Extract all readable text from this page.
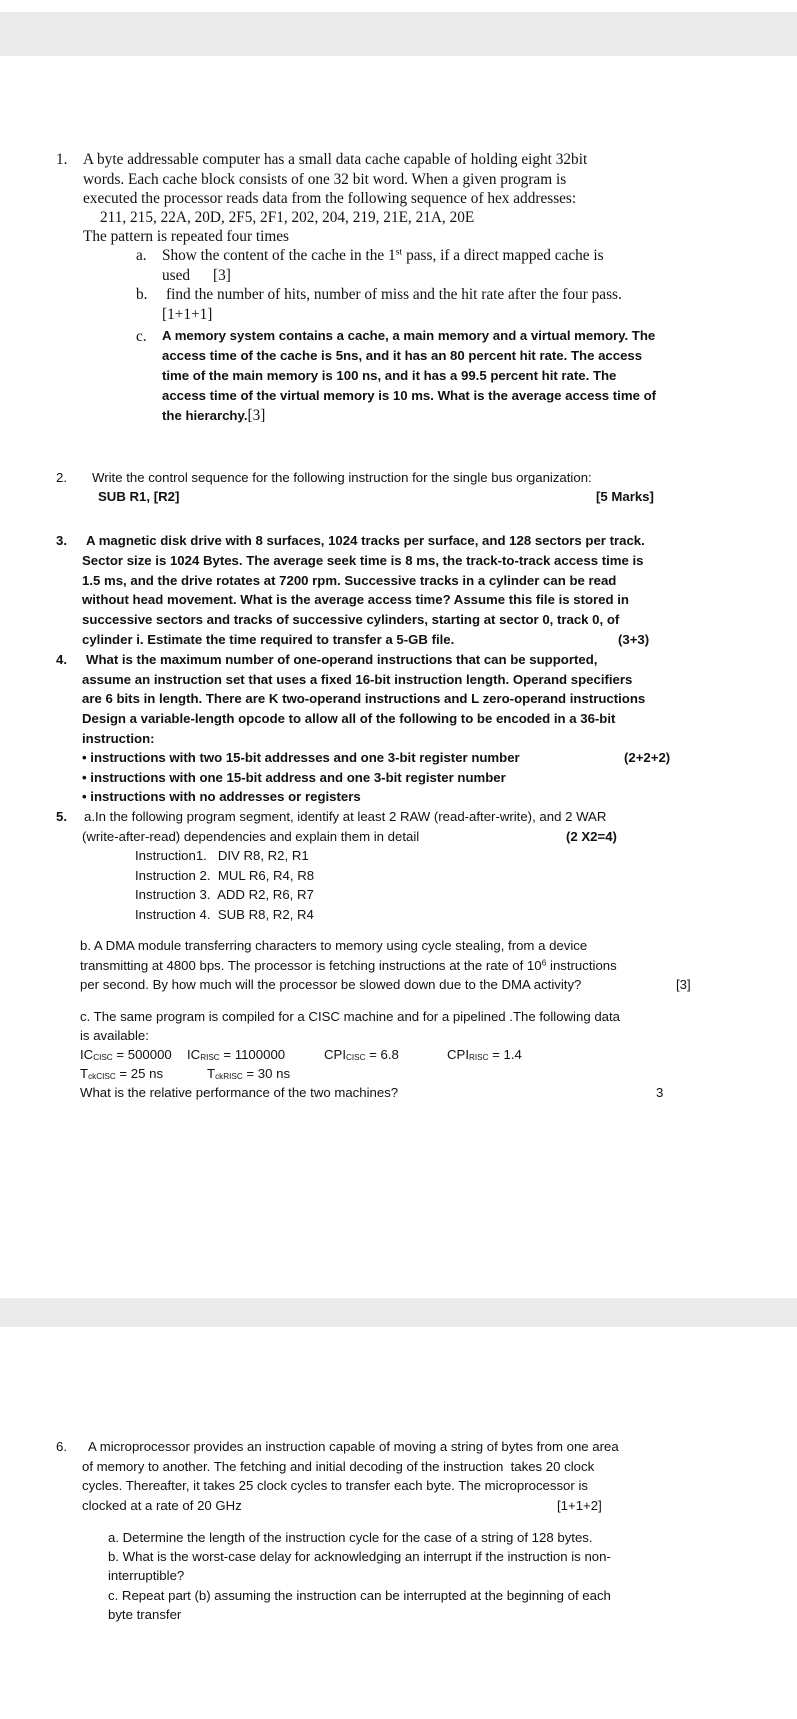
1. A byte addressable computer has a small data cache capable of holding eight 32bit
words. Each cache block consists of one 32 bit word. When a given program is
executed the processor reads data from the following sequence of hex addresses:
211, 215, 22A, 20D, 2F5, 2F1, 202, 204, 219, 21E, 21A, 20E
The pattern is repeated four times
a. Show the content of the cache in the 1st pass, if a direct mapped cache is
used      [3]
b. find the number of hits, number of miss and the hit rate after the four pass.
[1+1+1]
c. A memory system contains a cache, a main memory and a virtual memory. The
access time of the cache is 5ns, and it has an 80 percent hit rate. The access
time of the main memory is 100 ns, and it has a 99.5 percent hit rate. The
access time of the virtual memory is 10 ms. What is the average access time of
the hierarchy.[3]
2. Write the control sequence for the following instruction for the single bus organization:
SUB R1, [R2]	[5 Marks]
3. A magnetic disk drive with 8 surfaces, 1024 tracks per surface, and 128 sectors per track.
Sector size is 1024 Bytes. The average seek time is 8 ms, the track-to-track access time is
1.5 ms, and the drive rotates at 7200 rpm. Successive tracks in a cylinder can be read
without head movement. What is the average access time? Assume this file is stored in
successive sectors and tracks of successive cylinders, starting at sector 0, track 0, of
cylinder i. Estimate the time required to transfer a 5-GB file.	(3+3)
4. What is the maximum number of one-operand instructions that can be supported,
assume an instruction set that uses a fixed 16-bit instruction length. Operand specifiers
are 6 bits in length. There are K two-operand instructions and L zero-operand instructions
Design a variable-length opcode to allow all of the following to be encoded in a 36-bit
instruction:
• instructions with two 15-bit addresses and one 3-bit register number	(2+2+2)
• instructions with one 15-bit address and one 3-bit register number
• instructions with no addresses or registers
5. a.In the following program segment, identify at least 2 RAW (read-after-write), and 2 WAR
(write-after-read) dependencies and explain them in detail	(2 X2=4)
Instruction1.   DIV R8, R2, R1
Instruction 2.  MUL R6, R4, R8
Instruction 3.  ADD R2, R6, R7
Instruction 4.  SUB R8, R2, R4
b. A DMA module transferring characters to memory using cycle stealing, from a device
transmitting at 4800 bps. The processor is fetching instructions at the rate of $10^6$ instructions
per second. By how much will the processor be slowed down due to the DMA activity?	[3]
c. The same program is compiled for a CISC machine and for a pipelined .The following data
is available:
$IC_{CISC} = 500000$ $IC_{RISC} = 1100000$	$CPI_{CISC} = 6.8$	$CPI_{RISC} = 1.4$
$T_{ckCISC} = 25$ ns	$T_{ckRISC} = 30$ ns
What is the relative performance of the two machines?	3
6. A microprocessor provides an instruction capable of moving a string of bytes from one area
of memory to another. The fetching and initial decoding of the instruction  takes 20 clock
cycles. Thereafter, it takes 25 clock cycles to transfer each byte. The microprocessor is
clocked at a rate of 20 GHz	[1+1+2]
a. Determine the length of the instruction cycle for the case of a string of 128 bytes.
b. What is the worst-case delay for acknowledging an interrupt if the instruction is non-
interruptible?
c. Repeat part (b) assuming the instruction can be interrupted at the beginning of each
byte transfer
